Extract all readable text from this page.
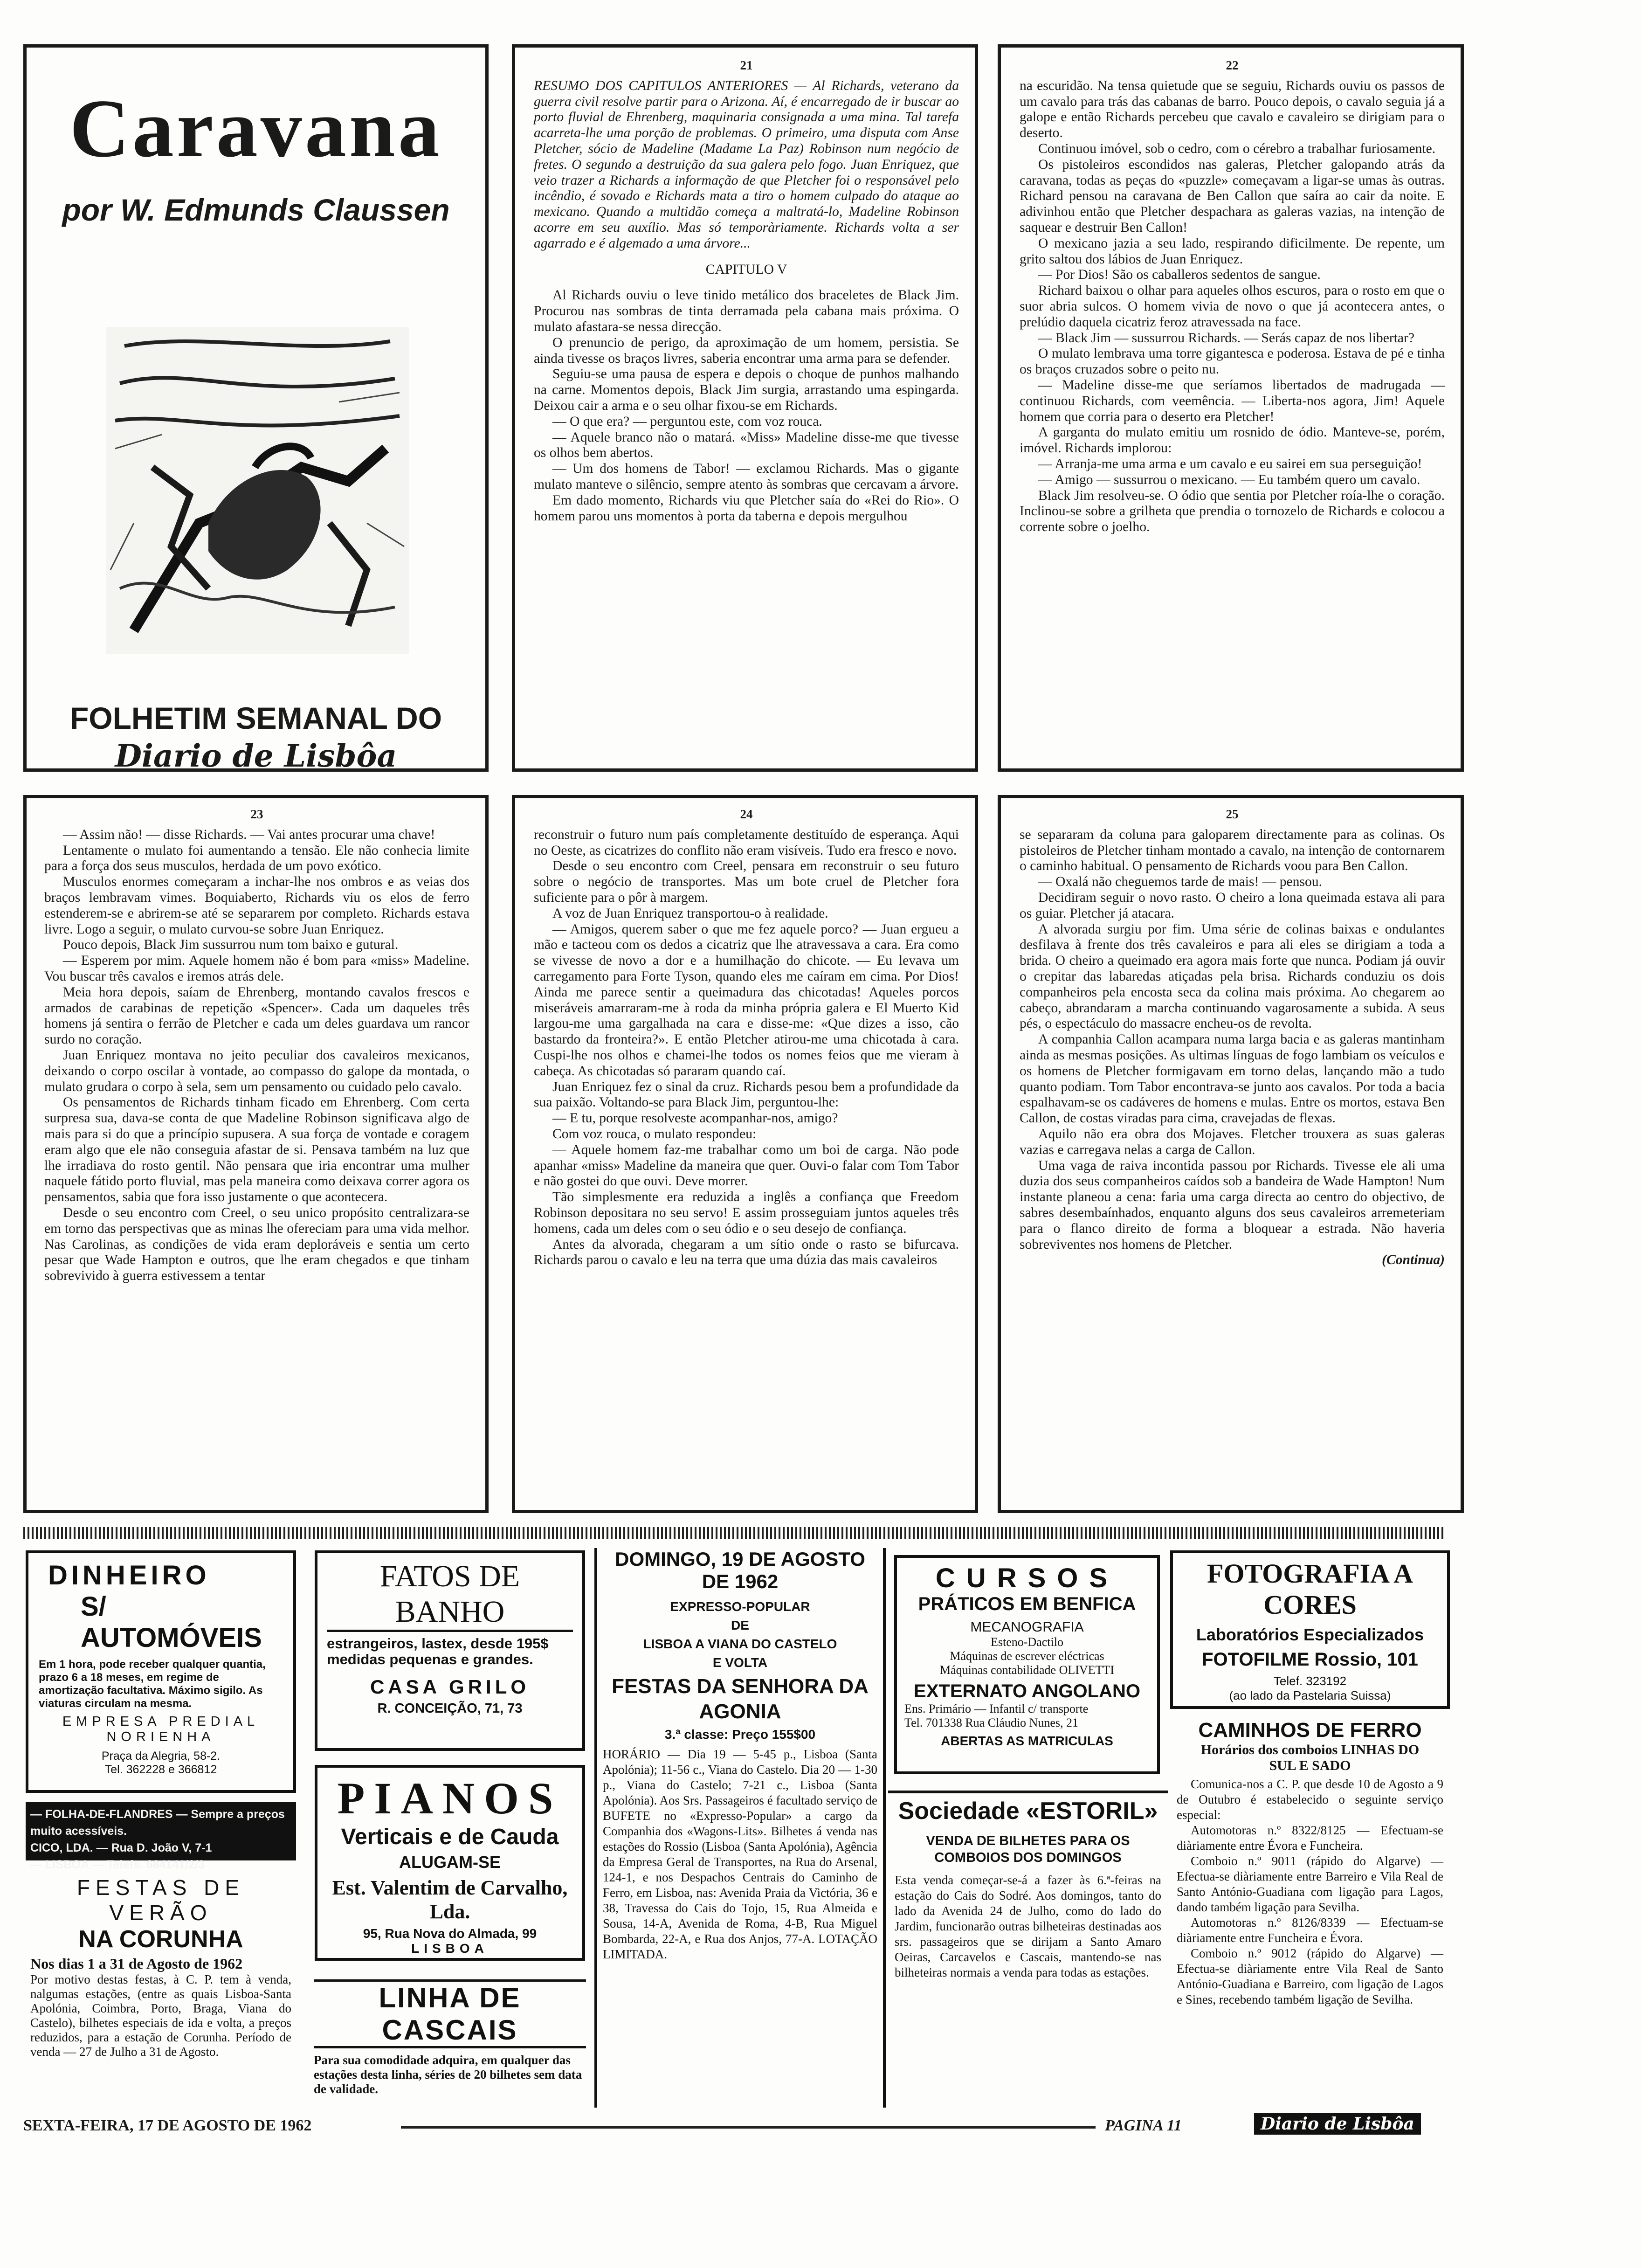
Caravana
por W. Edmunds Claussen
FOLHETIM SEMANAL DO
Diario de Lisbôa
21

RESUMO DOS CAPITULOS ANTERIORES — Al Richards, veterano da guerra civil resolve partir para o Arizona. Aí, é encarregado de ir buscar ao porto fluvial de Ehrenberg, maquinaria consignada a uma mina. Tal tarefa acarreta-lhe uma porção de problemas. O primeiro, uma disputa com Anse Pletcher, sócio de Madeline (Madame La Paz) Robinson num negócio de fretes. O segundo a destruição da sua galera pelo fogo. Juan Enriquez, que veio trazer a Richards a informação de que Pletcher foi o responsável pelo incêndio, é sovado e Richards mata a tiro o homem culpado do ataque ao mexicano. Quando a multidão começa a maltratá-lo, Madeline Robinson acorre em seu auxílio. Mas só temporàriamente. Richards volta a ser agarrado e é algemado a uma árvore...

CAPITULO V

Al Richards ouviu o leve tinido metálico dos braceletes de Black Jim. Procurou nas sombras de tinta derramada pela cabana mais próxima. O mulato afastara-se nessa direcção.

O prenuncio de perigo, da aproximação de um homem, persistia. Se ainda tivesse os braços livres, saberia encontrar uma arma para se defender.

Seguiu-se uma pausa de espera e depois o choque de punhos malhando na carne. Momentos depois, Black Jim surgia, arrastando uma espingarda. Deixou cair a arma e o seu olhar fixou-se em Richards.

— O que era? — perguntou este, com voz rouca.

— Aquele branco não o matará. «Miss» Madeline disse-me que tivesse os olhos bem abertos.

— Um dos homens de Tabor! — exclamou Richards. Mas o gigante mulato manteve o silêncio, sempre atento às sombras que cercavam a árvore.

Em dado momento, Richards viu que Pletcher saía do «Rei do Rio». O homem parou uns momentos à porta da taberna e depois mergulhou

22

na escuridão. Na tensa quietude que se seguiu, Richards ouviu os passos de um cavalo para trás das cabanas de barro. Pouco depois, o cavalo seguia já a galope e então Richards percebeu que cavalo e cavaleiro se dirigiam para o deserto.

Continuou imóvel, sob o cedro, com o cérebro a trabalhar furiosamente.

Os pistoleiros escondidos nas galeras, Pletcher galopando atrás da caravana, todas as peças do «puzzle» começavam a ligar-se umas às outras. Richard pensou na caravana de Ben Callon que saíra ao cair da noite. E adivinhou então que Pletcher despachara as galeras vazias, na intenção de saquear e destruir Ben Callon!

O mexicano jazia a seu lado, respirando dificilmente. De repente, um grito saltou dos lábios de Juan Enriquez.

— Por Dios! São os caballeros sedentos de sangue.

Richard baixou o olhar para aqueles olhos escuros, para o rosto em que o suor abria sulcos. O homem vivia de novo o que já acontecera antes, o prelúdio daquela cicatriz feroz atravessada na face.

— Black Jim — sussurrou Richards. — Serás capaz de nos libertar?

O mulato lembrava uma torre gigantesca e poderosa. Estava de pé e tinha os braços cruzados sobre o peito nu.

— Madeline disse-me que seríamos libertados de madrugada — continuou Richards, com veemência. — Liberta-nos agora, Jim! Aquele homem que corria para o deserto era Pletcher!

A garganta do mulato emitiu um rosnido de ódio. Manteve-se, porém, imóvel. Richards implorou:

— Arranja-me uma arma e um cavalo e eu sairei em sua perseguição!

— Amigo — sussurrou o mexicano. — Eu também quero um cavalo.

Black Jim resolveu-se. O ódio que sentia por Pletcher roía-lhe o coração. Inclinou-se sobre a grilheta que prendia o tornozelo de Richards e colocou a corrente sobre o joelho.

23

— Assim não! — disse Richards. — Vai antes procurar uma chave!

Lentamente o mulato foi aumentando a tensão. Ele não conhecia limite para a força dos seus musculos, herdada de um povo exótico.

Musculos enormes começaram a inchar-lhe nos ombros e as veias dos braços lembravam vimes. Boquiaberto, Richards viu os elos de ferro estenderem-se e abrirem-se até se separarem por completo. Richards estava livre. Logo a seguir, o mulato curvou-se sobre Juan Enriquez.

Pouco depois, Black Jim sussurrou num tom baixo e gutural.

— Esperem por mim. Aquele homem não é bom para «miss» Madeline. Vou buscar três cavalos e iremos atrás dele.

Meia hora depois, saíam de Ehrenberg, montando cavalos frescos e armados de carabinas de repetição «Spencer». Cada um daqueles três homens já sentira o ferrão de Pletcher e cada um deles guardava um rancor surdo no coração.

Juan Enriquez montava no jeito peculiar dos cavaleiros mexicanos, deixando o corpo oscilar à vontade, ao compasso do galope da montada, o mulato grudara o corpo à sela, sem um pensamento ou cuidado pelo cavalo.

Os pensamentos de Richards tinham ficado em Ehrenberg. Com certa surpresa sua, dava-se conta de que Madeline Robinson significava algo de mais para si do que a princípio supusera. A sua força de vontade e coragem eram algo que ele não conseguia afastar de si. Pensava também na luz que lhe irradiava do rosto gentil. Não pensara que iria encontrar uma mulher naquele fátido porto fluvial, mas pela maneira como deixava correr agora os pensamentos, sabia que fora isso justamente o que acontecera.

Desde o seu encontro com Creel, o seu unico propósito centralizara-se em torno das perspectivas que as minas lhe ofereciam para uma vida melhor. Nas Carolinas, as condições de vida eram deploráveis e sentia um certo pesar que Wade Hampton e outros, que lhe eram chegados e que tinham sobrevivido à guerra estivessem a tentar

24

reconstruir o futuro num país completamente destituído de esperança. Aqui no Oeste, as cicatrizes do conflito não eram visíveis. Tudo era fresco e novo.

Desde o seu encontro com Creel, pensara em reconstruir o seu futuro sobre o negócio de transportes. Mas um bote cruel de Pletcher fora suficiente para o pôr à margem.

A voz de Juan Enriquez transportou-o à realidade.

— Amigos, querem saber o que me fez aquele porco? — Juan ergueu a mão e tacteou com os dedos a cicatriz que lhe atravessava a cara. Era como se vivesse de novo a dor e a humilhação do chicote. — Eu levava um carregamento para Forte Tyson, quando eles me caíram em cima. Por Dios! Ainda me parece sentir a queimadura das chicotadas! Aqueles porcos miseráveis amarraram-me à roda da minha própria galera e El Muerto Kid largou-me uma gargalhada na cara e disse-me: «Que dizes a isso, cão bastardo da fronteira?». E então Pletcher atirou-me uma chicotada à cara. Cuspi-lhe nos olhos e chamei-lhe todos os nomes feios que me vieram à cabeça. As chicotadas só pararam quando caí.

Juan Enriquez fez o sinal da cruz. Richards pesou bem a profundidade da sua paixão. Voltando-se para Black Jim, perguntou-lhe:

— E tu, porque resolveste acompanhar-nos, amigo?

Com voz rouca, o mulato respondeu:

— Aquele homem faz-me trabalhar como um boi de carga. Não pode apanhar «miss» Madeline da maneira que quer. Ouvi-o falar com Tom Tabor e não gostei do que ouvi. Deve morrer.

Tão simplesmente era reduzida a inglês a confiança que Freedom Robinson depositara no seu servo! E assim prosseguiam juntos aqueles três homens, cada um deles com o seu ódio e o seu desejo de confiança.

Antes da alvorada, chegaram a um sítio onde o rasto se bifurcava. Richards parou o cavalo e leu na terra que uma dúzia das mais cavaleiros

25

se separaram da coluna para galoparem directamente para as colinas. Os pistoleiros de Pletcher tinham montado a cavalo, na intenção de contornarem o caminho habitual. O pensamento de Richards voou para Ben Callon.

— Oxalá não cheguemos tarde de mais! — pensou.

Decidiram seguir o novo rasto. O cheiro a lona queimada estava ali para os guiar. Pletcher já atacara.

A alvorada surgiu por fim. Uma série de colinas baixas e ondulantes desfilava à frente dos três cavaleiros e para ali eles se dirigiam a toda a brida. O cheiro a queimado era agora mais forte que nunca. Podiam já ouvir o crepitar das labaredas atiçadas pela brisa. Richards conduziu os dois companheiros pela encosta seca da colina mais próxima. Ao chegarem ao cabeço, abrandaram a marcha continuando vagarosamente a subida. A seus pés, o espectáculo do massacre encheu-os de revolta.

A companhia Callon acampara numa larga bacia e as galeras mantinham ainda as mesmas posições. As ultimas línguas de fogo lambiam os veículos e os homens de Pletcher formigavam em torno delas, lançando mão a tudo quanto podiam. Tom Tabor encontrava-se junto aos cavalos. Por toda a bacia espalhavam-se os cadáveres de homens e mulas. Entre os mortos, estava Ben Callon, de costas viradas para cima, cravejadas de flexas.

Aquilo não era obra dos Mojaves. Fletcher trouxera as suas galeras vazias e carregava nelas a carga de Callon.

Uma vaga de raiva incontida passou por Richards. Tivesse ele ali uma duzia dos seus companheiros caídos sob a bandeira de Wade Hampton! Num instante planeou a cena: faria uma carga directa ao centro do objectivo, de sabres desembaínhados, enquanto alguns dos seus cavaleiros arremeteriam para o flanco direito de forma a bloquear a estrada. Não haveria sobreviventes nos homens de Pletcher.

(Continua)

DINHEIRO
S/ AUTOMÓVEIS
Em 1 hora, pode receber qualquer quantia, prazo 6 a 18 meses, em regime de amortização facultativa. Máximo sigilo. As viaturas circulam na mesma.
EMPRESA PREDIAL NORIENHA
Praça da Alegria, 58-2.
Tel. 362228 e 366812
— FOLHA-DE-FLANDRES — Sempre a preços muito acessíveis.
CICO, LDA. — Rua D. João V, 7-1
— LISBOA — Telefs. 684141/2/3
FESTAS DE VERÃO
NA CORUNHA
Nos dias 1 a 31 de Agosto de 1962
Por motivo destas festas, à C. P. tem à venda, nalgumas estações, (entre as quais Lisboa-Santa Apolónia, Coimbra, Porto, Braga, Viana do Castelo), bilhetes especiais de ida e volta, a preços reduzidos, para a estação de Corunha. Período de venda — 27 de Julho a 31 de Agosto.
FATOS DE BANHO
estrangeiros, lastex, desde 195$ medidas pequenas e grandes.
CASA GRILO
R. CONCEIÇÃO, 71, 73
PIANOS
Verticais e de Cauda
ALUGAM-SE
Est. Valentim de Carvalho, Lda.
95, Rua Nova do Almada, 99
LISBOA
LINHA DE CASCAIS
Para sua comodidade adquira, em qualquer das estações desta linha, séries de 20 bilhetes sem data de validade.
DOMINGO, 19 DE AGOSTO DE 1962
EXPRESSO-POPULAR
DE
LISBOA A VIANA DO CASTELO
E VOLTA
FESTAS DA SENHORA DA AGONIA
3.ª classe: Preço 155$00
HORÁRIO — Dia 19 — 5-45 p., Lisboa (Santa Apolónia); 11-56 c., Viana do Castelo. Dia 20 — 1-30 p., Viana do Castelo; 7-21 c., Lisboa (Santa Apolónia). Aos Srs. Passageiros é facultado serviço de BUFETE no «Expresso-Popular» a cargo da Companhia dos «Wagons-Lits». Bilhetes á venda nas estações do Rossio (Lisboa (Santa Apolónia), Agência da Empresa Geral de Transportes, na Rua do Arsenal, 124-1, e nos Despachos Centrais do Caminho de Ferro, em Lisboa, nas: Avenida Praia da Victória, 36 e 38, Travessa do Cais do Tojo, 15, Rua Almeida e Sousa, 14-A, Avenida de Roma, 4-B, Rua Miguel Bombarda, 22-A, e Rua dos Anjos, 77-A. LOTAÇÃO LIMITADA.
CURSOS
PRÁTICOS EM BENFICA
MECANOGRAFIA
Esteno-Dactilo
Máquinas de escrever eléctricas
Máquinas contabilidade OLIVETTI
EXTERNATO ANGOLANO
Ens. Primário — Infantil c/ transporte
Tel. 701338 Rua Cláudio Nunes, 21
ABERTAS AS MATRICULAS
Sociedade «ESTORIL»
VENDA DE BILHETES PARA OS COMBOIOS DOS DOMINGOS
Esta venda começar-se-á a fazer às 6.ª-feiras na estação do Cais do Sodré. Aos domingos, tanto do lado da Avenida 24 de Julho, como do lado do Jardim, funcionarão outras bilheteiras destinadas aos srs. passageiros que se dirijam a Santo Amaro Oeiras, Carcavelos e Cascais, mantendo-se nas bilheteiras normais a venda para todas as estações.
FOTOGRAFIA A CORES
Laboratórios Especializados
FOTOFILME Rossio, 101
Telef. 323192
(ao lado da Pastelaria Suissa)
CAMINHOS DE FERRO
Horários dos comboios LINHAS DO SUL E SADO
Comunica-nos a C. P. que desde 10 de Agosto a 9 de Outubro é estabelecido o seguinte serviço especial:
Automotoras n.º 8322/8125 — Efectuam-se diàriamente entre Évora e Funcheira.
Comboio n.º 9011 (rápido do Algarve) — Efectua-se diàriamente entre Barreiro e Vila Real de Santo António-Guadiana com ligação para Lagos, dando também ligação para Sevilha.
Automotoras n.º 8126/8339 — Efectuam-se diàriamente entre Funcheira e Évora.
Comboio n.º 9012 (rápido do Algarve) — Efectua-se diàriamente entre Vila Real de Santo António-Guadiana e Barreiro, com ligação de Lagos e Sines, recebendo também ligação de Sevilha.
SEXTA-FEIRA, 17 DE AGOSTO DE 1962	PAGINA 11	Diario de Lisbôa
